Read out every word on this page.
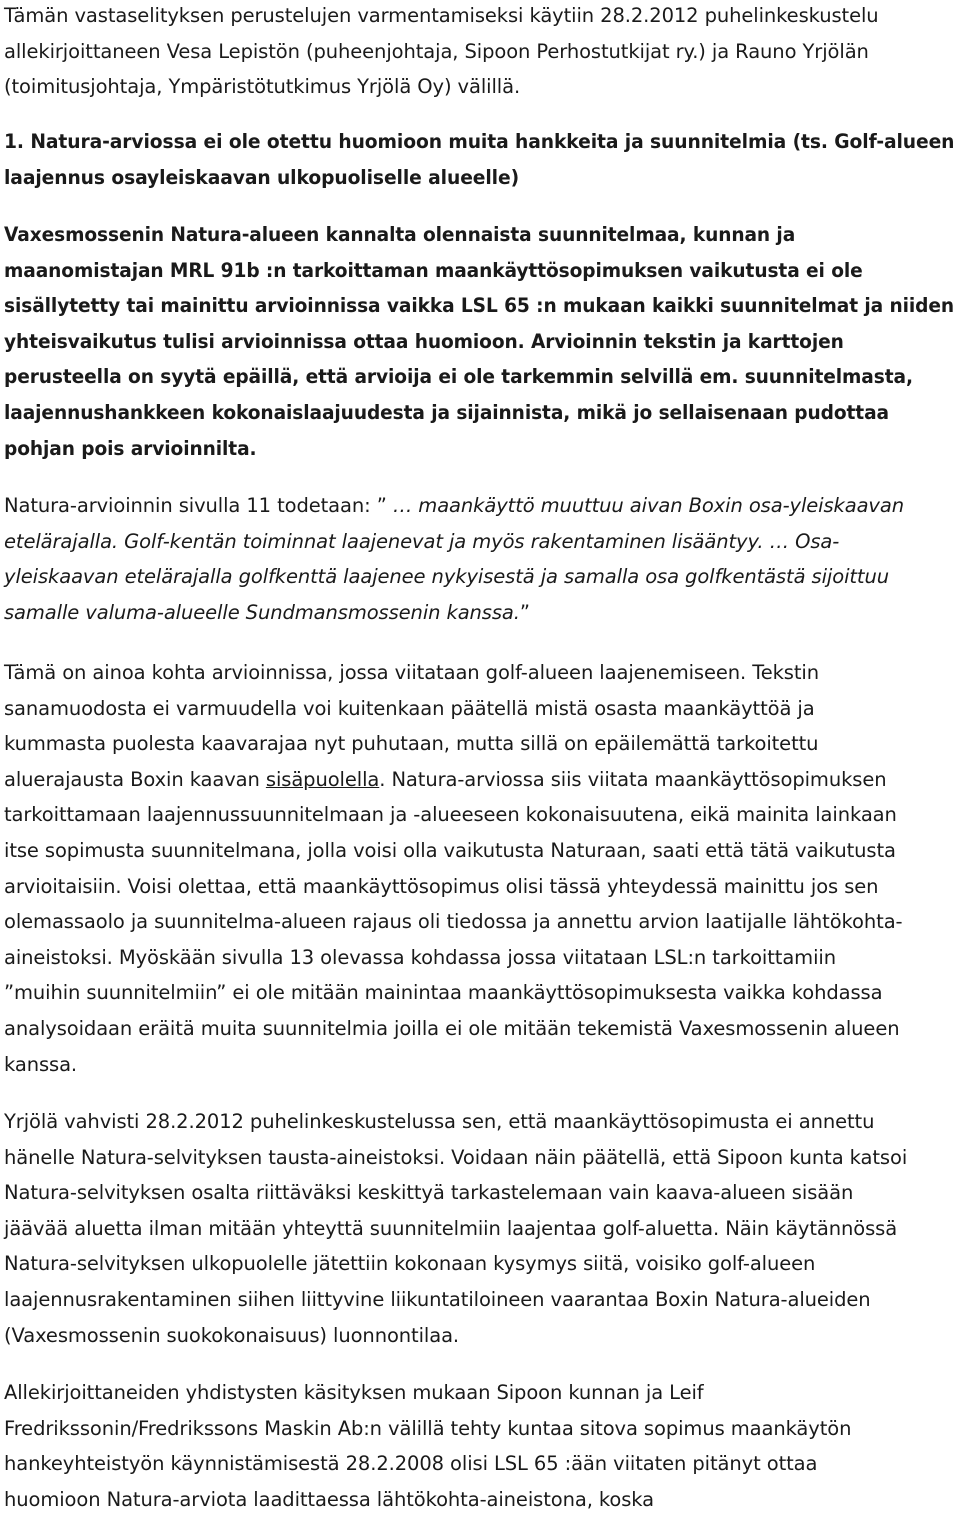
Tämän vastaselityksen perustelujen varmentamiseksi käytiin 28.2.2012 puhelinkeskustelu
allekirjoittaneen Vesa Lepistön (puheenjohtaja, Sipoon Perhostutkijat ry.) ja Rauno Yrjölän
(toimitusjohtaja, Ympäristötutkimus Yrjölä Oy) välillä.
1. Natura-arviossa ei ole otettu huomioon muita hankkeita ja suunnitelmia (ts. Golf-alueen
laajennus osayleiskaavan ulkopuoliselle alueelle)
Vaxesmossenin Natura-alueen kannalta olennaista suunnitelmaa, kunnan ja
maanomistajan MRL 91b :n tarkoittaman maankäyttösopimuksen vaikutusta ei ole
sisällytetty tai mainittu arvioinnissa vaikka LSL 65 :n mukaan kaikki suunnitelmat ja niiden
yhteisvaikutus tulisi arvioinnissa ottaa huomioon. Arvioinnin tekstin ja karttojen
perusteella on syytä epäillä, että arvioija ei ole tarkemmin selvillä em. suunnitelmasta,
laajennushankkeen kokonaislaajuudesta ja sijainnista, mikä jo sellaisenaan pudottaa
pohjan pois arvioinnilta.
Natura-arvioinnin sivulla 11 todetaan: ” … maankäyttö muuttuu aivan Boxin osa-yleiskaavan
etelärajalla. Golf-kentän toiminnat laajenevat ja myös rakentaminen lisääntyy. … Osa-
yleiskaavan etelärajalla golfkenttä laajenee nykyisestä ja samalla osa golfkentästä sijoittuu
samalle valuma-alueelle Sundmansmossenin kanssa.”
Tämä on ainoa kohta arvioinnissa, jossa viitataan golf-alueen laajenemiseen. Tekstin
sanamuodosta ei varmuudella voi kuitenkaan päätellä mistä osasta maankäyttöä ja
kummasta puolesta kaavarajaa nyt puhutaan, mutta sillä on epäilemättä tarkoitettu
aluerajausta Boxin kaavan sisäpuolella. Natura-arviossa siis viitata maankäyttösopimuksen
tarkoittamaan laajennussuunnitelmaan ja -alueeseen kokonaisuutena, eikä mainita lainkaan
itse sopimusta suunnitelmana, jolla voisi olla vaikutusta Naturaan, saati että tätä vaikutusta
arvioitaisiin. Voisi olettaa, että maankäyttösopimus olisi tässä yhteydessä mainittu jos sen
olemassaolo ja suunnitelma-alueen rajaus oli tiedossa ja annettu arvion laatijalle lähtökohta-
aineistoksi. Myöskään sivulla 13 olevassa kohdassa jossa viitataan LSL:n tarkoittamiin
”muihin suunnitelmiin” ei ole mitään mainintaa maankäyttösopimuksesta vaikka kohdassa
analysoidaan eräitä muita suunnitelmia joilla ei ole mitään tekemistä Vaxesmossenin alueen
kanssa.
Yrjölä vahvisti 28.2.2012 puhelinkeskustelussa sen, että maankäyttösopimusta ei annettu
hänelle Natura-selvityksen tausta-aineistoksi. Voidaan näin päätellä, että Sipoon kunta katsoi
Natura-selvityksen osalta riittäväksi keskittyä tarkastelemaan vain kaava-alueen sisään
jäävää aluetta ilman mitään yhteyttä suunnitelmiin laajentaa golf-aluetta. Näin käytännössä
Natura-selvityksen ulkopuolelle jätettiin kokonaan kysymys siitä, voisiko golf-alueen
laajennusrakentaminen siihen liittyvine liikuntatiloineen vaarantaa Boxin Natura-alueiden
(Vaxesmossenin suokokonaisuus) luonnontilaa.
Allekirjoittaneiden yhdistysten käsityksen mukaan Sipoon kunnan ja Leif
Fredrikssonin/Fredrikssons Maskin Ab:n välillä tehty kuntaa sitova sopimus maankäytön
hankeyhteistyön käynnistämisestä 28.2.2008 olisi LSL 65 :ään viitaten pitänyt ottaa
huomioon Natura-arviota laadittaessa lähtökohta-aineistona, koska
